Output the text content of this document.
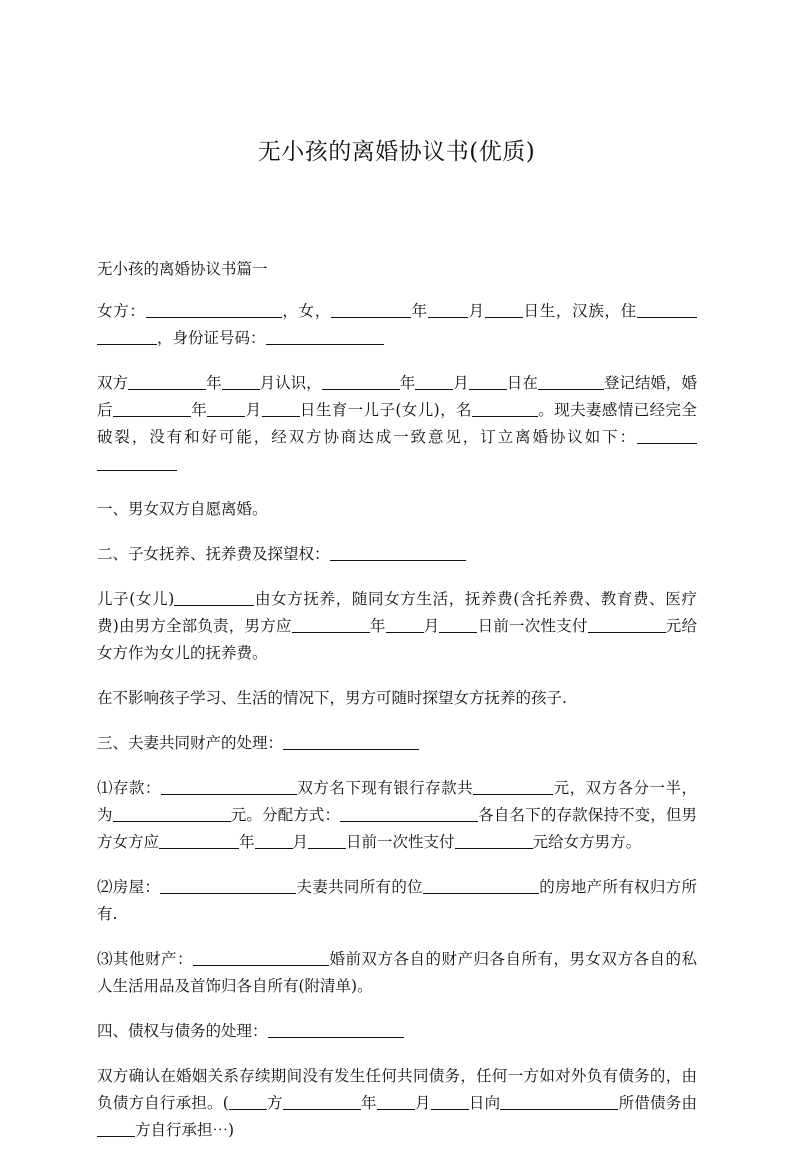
无小孩的离婚协议书(优质)

无小孩的离婚协议书篇一

女方：	，女，	年	月 日生，汉族，住，身份证号码：

双方	年 月认识，	年 月 日在	登记结婚，婚后	年 月 日生育一儿子(女儿)，名	。现夫妻感情已经完全破裂，没有和好可能，经双方协商达成一致意见，订立离婚协议如下：

一、男女双方自愿离婚。

二、子女抚养、抚养费及探望权：

儿子(女儿)	由女方抚养，随同女方生活，抚养费(含托养费、教育费、医疗费)由男方全部负责，男方应	年 月 日前一次性支付	元给女方作为女儿的抚养费。

在不影响孩子学习、生活的情况下，男方可随时探望女方抚养的孩子.

三、夫妻共同财产的处理：

⑴存款：	双方名下现有银行存款共	元，双方各分一半，为	元。分配方式：	各自名下的存款保持不变，但男方女方应	年 月 日前一次性支付	元给女方男方。

⑵房屋：	夫妻共同所有的位	的房地产所有权归方所有.

⑶其他财产：	婚前双方各自的财产归各自所有，男女双方各自的私人生活用品及首饰归各自所有(附清单)。

四、债权与债务的处理：

双方确认在婚姻关系存续期间没有发生任何共同债务，任何一方如对外负有债务的，由负债方自行承担。( 方	年 月 日向	所借债务由方自行承担⋯)
